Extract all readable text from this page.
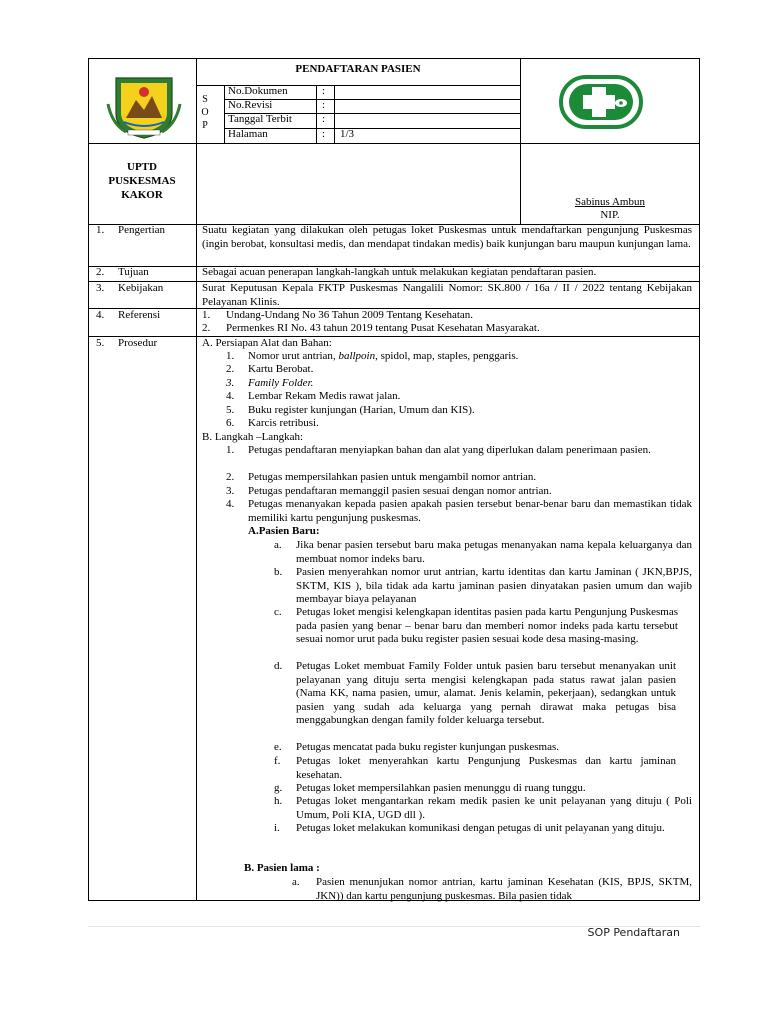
PENDAFTARAN PASIEN
S
O
P
No.Dokumen	:
No.Revisi	:
Tanggal Terbit	:
Halaman	: 1/3
UPTD
PUSKESMAS
KAKOR
Sabinus Ambun
NIP.
1. Pengertian	Suatu kegiatan yang dilakukan oleh petugas loket Puskesmas untuk mendaftarkan pengunjung Puskesmas (ingin berobat, konsultasi medis, dan mendapat tindakan medis) baik kunjungan baru maupun kunjungan lama.
2. Tujuan	Sebagai acuan penerapan langkah-langkah untuk melakukan kegiatan pendaftaran pasien.
3. Kebijakan	Surat Keputusan Kepala FKTP Puskesmas Nangalili Nomor: SK.800 / 16a / II / 2022 tentang Kebijakan Pelayanan Klinis.
4. Referensi	1. Undang-Undang No 36 Tahun 2009 Tentang Kesehatan.
2. Permenkes RI No. 43 tahun 2019 tentang Pusat Kesehatan Masyarakat.
5. Prosedur	A. Persiapan Alat dan Bahan:
1. Nomor urut antrian, ballpoin, spidol, map, staples, penggaris.
2. Kartu Berobat.
3. Family Folder.
4. Lembar Rekam Medis rawat jalan.
5. Buku register kunjungan (Harian, Umum dan KIS).
6. Karcis retribusi.
B. Langkah –Langkah:
1. Petugas pendaftaran menyiapkan bahan dan alat yang diperlukan dalam penerimaan pasien.
2. Petugas mempersilahkan pasien untuk mengambil nomor antrian.
3. Petugas pendaftaran memanggil pasien sesuai dengan nomor antrian.
4. Petugas menanyakan kepada pasien apakah pasien tersebut benar-benar baru dan memastikan tidak memiliki kartu pengunjung puskesmas.
A.Pasien Baru:
a. Jika benar pasien tersebut baru maka petugas menanyakan nama kepala keluarganya dan membuat nomor indeks baru.
b. Pasien menyerahkan nomor urut antrian, kartu identitas dan kartu Jaminan ( JKN,BPJS, SKTM, KIS ), bila tidak ada kartu jaminan pasien dinyatakan pasien umum dan wajib membayar biaya pelayanan
c. Petugas loket mengisi kelengkapan identitas pasien pada kartu Pengunjung Puskesmas pada pasien yang benar – benar baru dan memberi nomor indeks pada kartu tersebut sesuai nomor urut pada buku register pasien sesuai kode desa masing-masing.
d. Petugas Loket membuat Family Folder untuk pasien baru tersebut menanyakan unit pelayanan yang dituju serta mengisi kelengkapan pada status rawat jalan pasien (Nama KK, nama pasien, umur, alamat. Jenis kelamin, pekerjaan), sedangkan untuk pasien yang sudah ada keluarga yang pernah dirawat maka petugas bisa menggabungkan dengan family folder keluarga tersebut.
e. Petugas mencatat pada buku register kunjungan puskesmas.
f. Petugas loket menyerahkan kartu Pengunjung Puskesmas dan kartu jaminan kesehatan.
g. Petugas loket mempersilahkan pasien menunggu di ruang tunggu.
h. Petugas loket mengantarkan rekam medik pasien ke unit pelayanan yang dituju ( Poli Umum, Poli KIA, UGD dll ).
i. Petugas loket melakukan komunikasi dengan petugas di unit pelayanan yang dituju.
B. Pasien lama :
a. Pasien menunjukan nomor antrian, kartu jaminan Kesehatan (KIS, BPJS, SKTM, JKN)) dan kartu pengunjung puskesmas. Bila pasien tidak
SOP Pendaftaran
